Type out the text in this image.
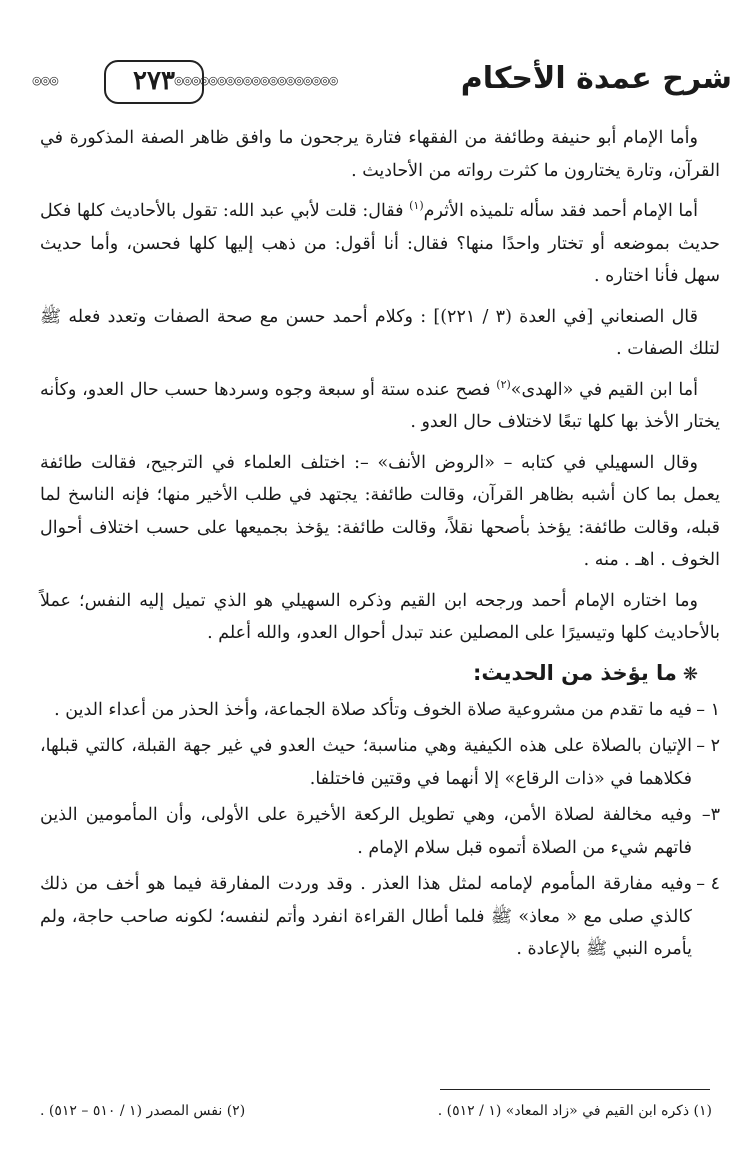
شرح عمدة الأحكام
◎◎◎◎◎◎◎◎◎◎◎◎◎◎◎◎◎◎◎
٢٧٣
◎◎◎

وأما الإمام أبو حنيفة وطائفة من الفقهاء فتارة يرجحون ما وافق ظاهر الصفة المذكورة في القرآن، وتارة يختارون ما كثرت رواته من الأحاديث .

أما الإمام أحمد فقد سأله تلميذه الأثرم$^{(١)}$ فقال: قلت لأبي عبد الله: تقول بالأحاديث كلها فكل حديث بموضعه أو تختار واحدًا منها؟ فقال: أنا أقول: من ذهب إليها كلها فحسن، وأما حديث سهل فأنا اختاره .

قال الصنعاني [في العدة (٣ / ٢٢١)] : وكلام أحمد حسن مع صحة الصفات وتعدد فعله ﷺ لتلك الصفات .

أما ابن القيم في «الهدى»$^{(٢)}$ فصح عنده ستة أو سبعة وجوه وسردها حسب حال العدو، وكأنه يختار الأخذ بها كلها تبعًا لاختلاف حال العدو .

وقال السهيلي في كتابه – «الروض الأنف» –: اختلف العلماء في الترجيح، فقالت طائفة يعمل بما كان أشبه بظاهر القرآن، وقالت طائفة: يجتهد في طلب الأخير منها؛ فإنه الناسخ لما قبله، وقالت طائفة: يؤخذ بأصحها نقلاً، وقالت طائفة: يؤخذ بجميعها على حسب اختلاف أحوال الخوف . اهـ . منه .

وما اختاره الإمام أحمد ورجحه ابن القيم وذكره السهيلي هو الذي تميل إليه النفس؛ عملاً بالأحاديث كلها وتيسيرًا على المصلين عند تبدل أحوال العدو، والله أعلم .

❋ما يؤخذ من الحديث:
١ –فيه ما تقدم من مشروعية صلاة الخوف وتأكد صلاة الجماعة، وأخذ الحذر من أعداء الدين .
٢ –الإتيان بالصلاة على هذه الكيفية وهي مناسبة؛ حيث العدو في غير جهة القبلة، كالتي قبلها، فكلاهما في «ذات الرقاع» إلا أنهما في وقتين فاختلفا.
٣–وفيه مخالفة لصلاة الأمن، وهي تطويل الركعة الأخيرة على الأولى، وأن المأمومين الذين فاتهم شيء من الصلاة أتموه قبل سلام الإمام .
٤ –وفيه مفارقة المأموم لإمامه لمثل هذا العذر . وقد وردت المفارقة فيما هو أخف من ذلك كالذي صلى مع « معاذ» ﷺ فلما أطال القراءة انفرد وأتم لنفسه؛ لكونه صاحب حاجة، ولم يأمره النبي ﷺ بالإعادة .
(١) ذكره ابن القيم في «زاد المعاد» (١ / ٥١٢) .
(٢) نفس المصدر (١ / ٥١٠ – ٥١٢) .
